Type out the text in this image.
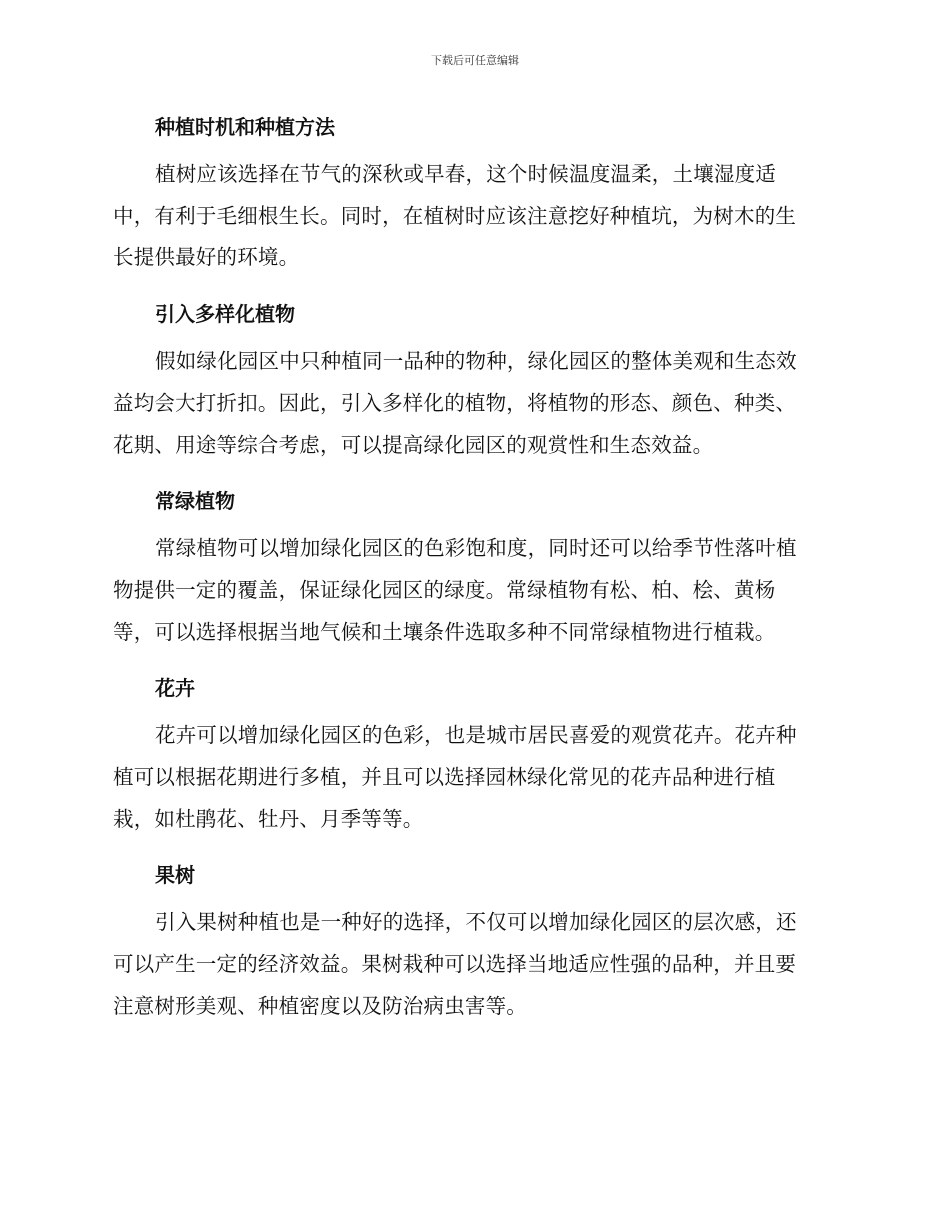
下载后可任意编辑
种植时机和种植方法
植树应该选择在节气的深秋或早春，这个时候温度温柔，土壤湿度适
中，有利于毛细根生长。同时，在植树时应该注意挖好种植坑，为树木的生
长提供最好的环境。
引入多样化植物
假如绿化园区中只种植同一品种的物种，绿化园区的整体美观和生态效
益均会大打折扣。因此，引入多样化的植物，将植物的形态、颜色、种类、
花期、用途等综合考虑，可以提高绿化园区的观赏性和生态效益。
常绿植物
常绿植物可以增加绿化园区的色彩饱和度，同时还可以给季节性落叶植
物提供一定的覆盖，保证绿化园区的绿度。常绿植物有松、柏、桧、黄杨
等，可以选择根据当地气候和土壤条件选取多种不同常绿植物进行植栽。
花卉
花卉可以增加绿化园区的色彩，也是城市居民喜爱的观赏花卉。花卉种
植可以根据花期进行多植，并且可以选择园林绿化常见的花卉品种进行植
栽，如杜鹃花、牡丹、月季等等。
果树
引入果树种植也是一种好的选择，不仅可以增加绿化园区的层次感，还
可以产生一定的经济效益。果树栽种可以选择当地适应性强的品种，并且要
注意树形美观、种植密度以及防治病虫害等。
